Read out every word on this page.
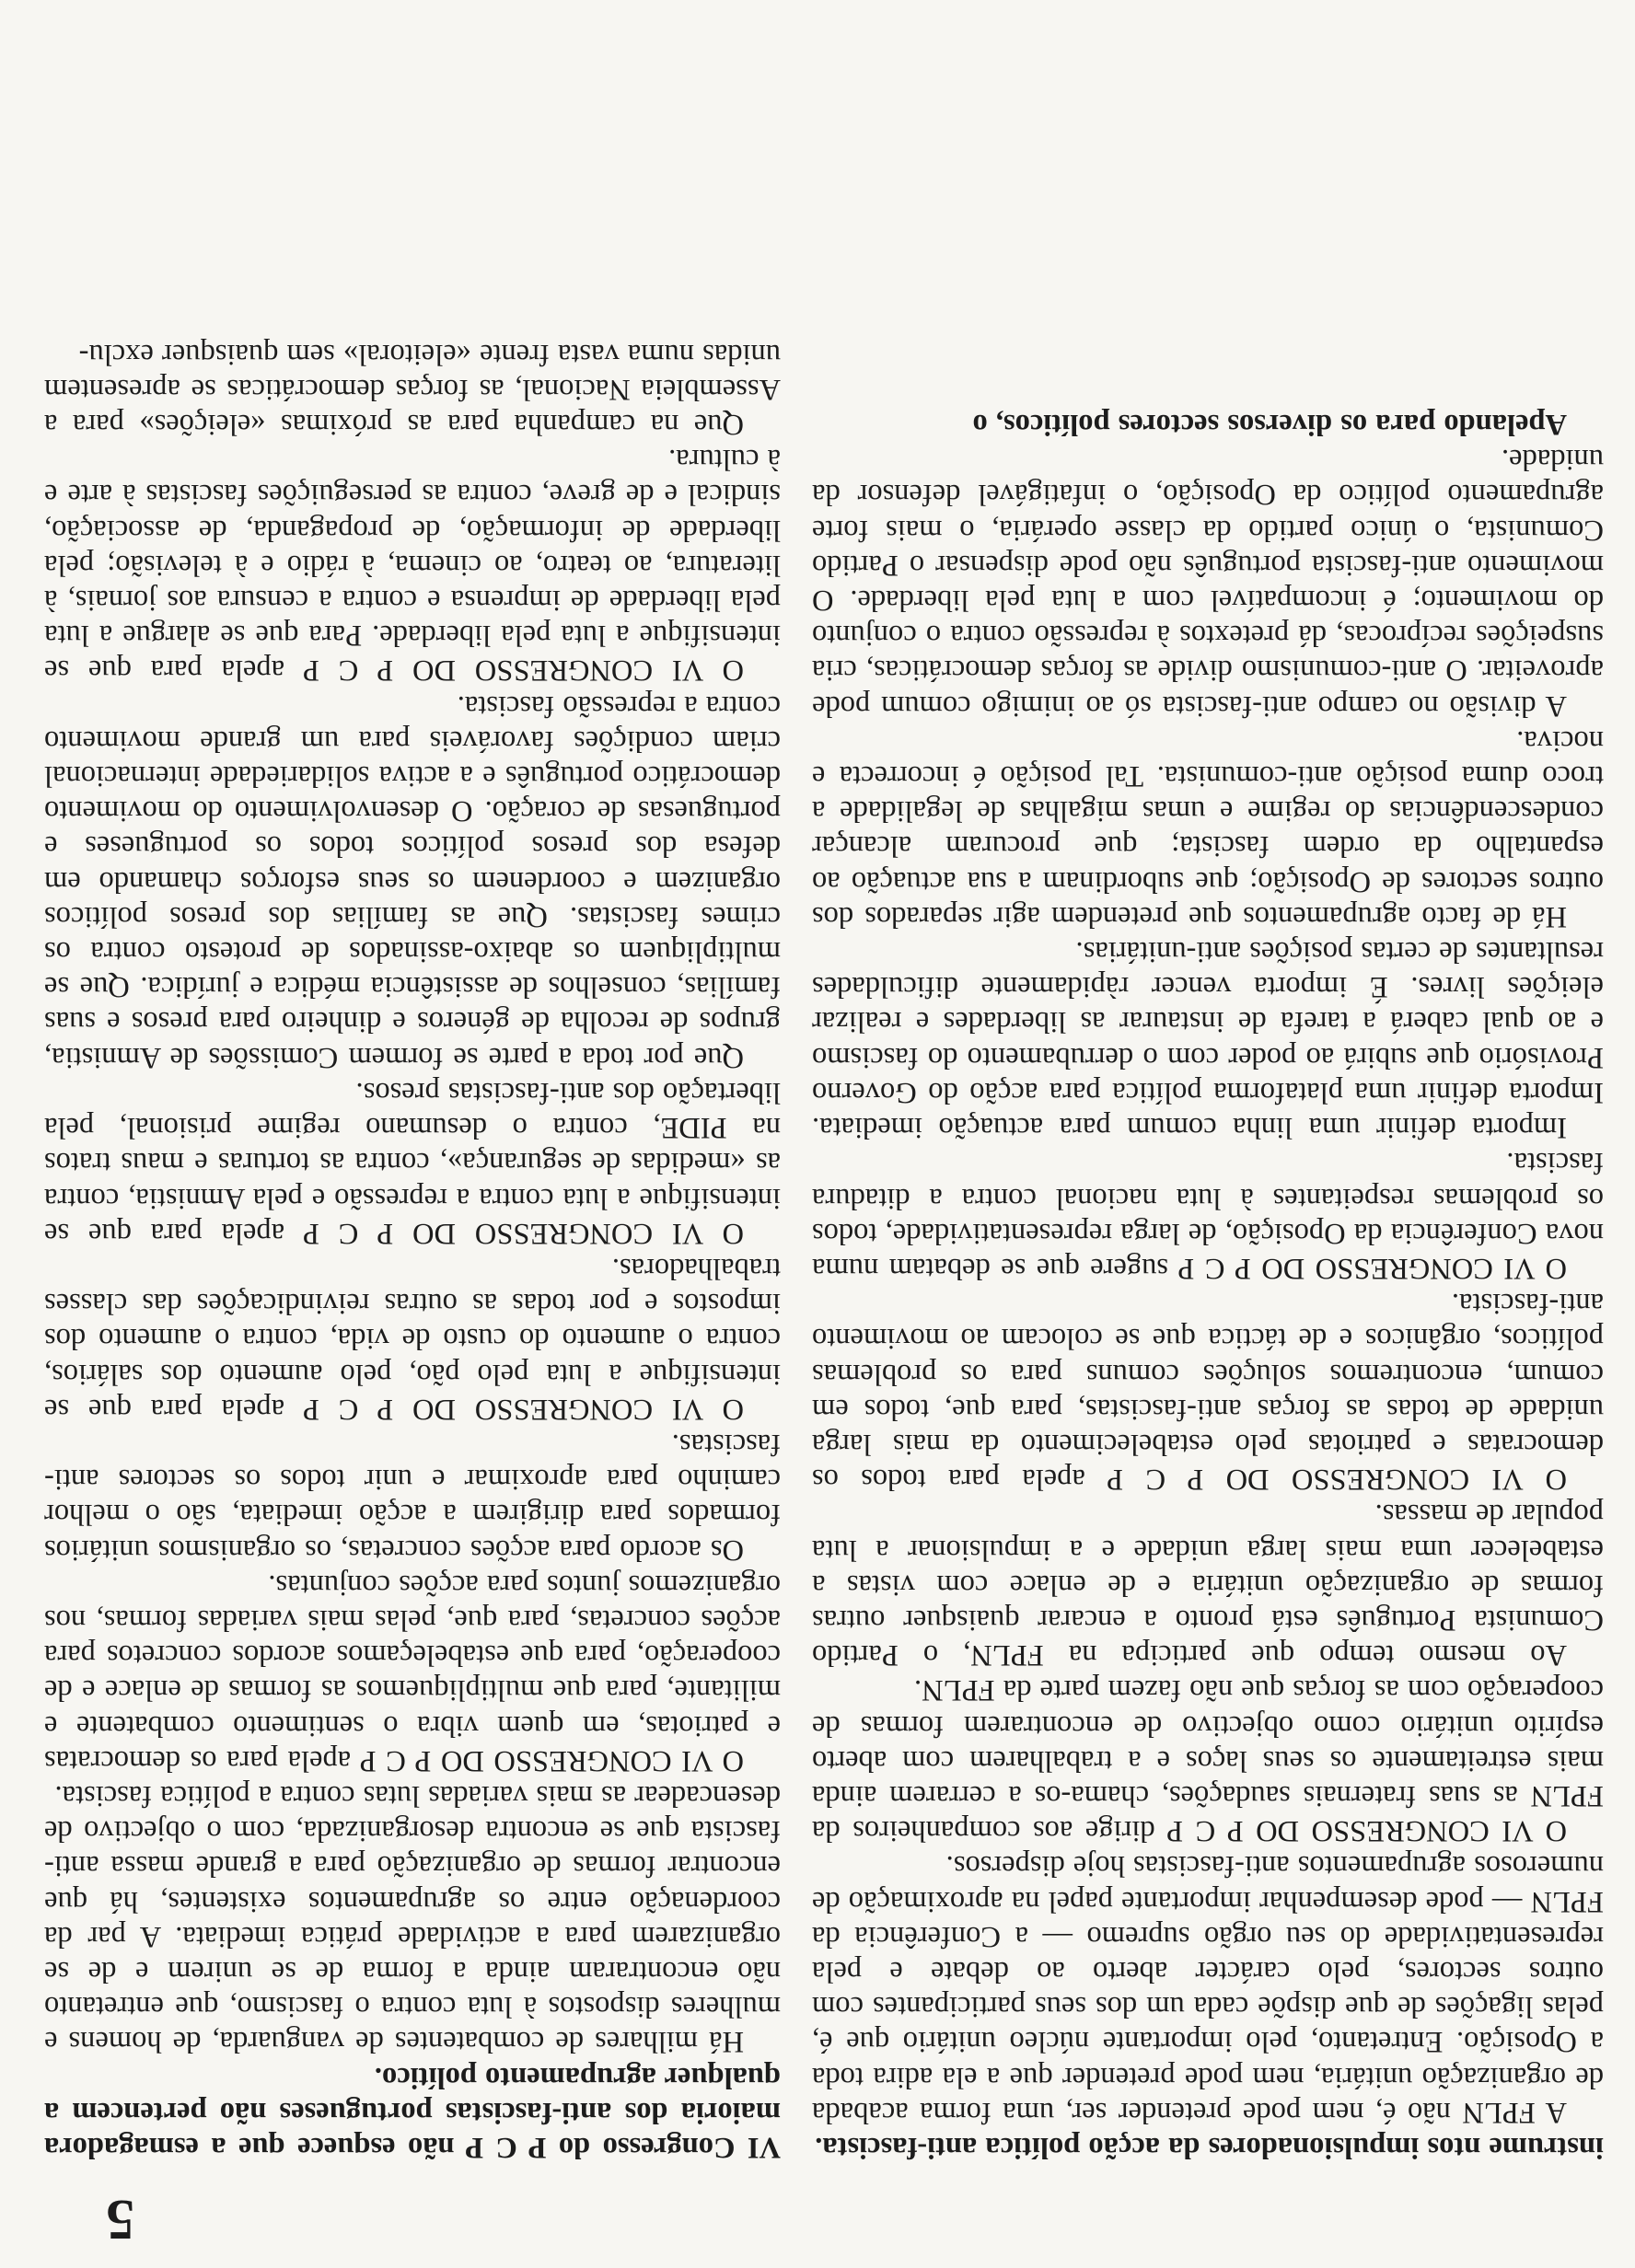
5

instrume ntos impulsionadores da acção política anti-fascista.

A FPLN não é, nem pode pretender ser, uma forma acabada de organização unitária, nem pode pretender que a ela adira toda a Oposição. Entretanto, pelo importante núcleo unitário que é, pelas ligações de que dispõe cada um dos seus participantes com outros sectores, pelo carácter aberto ao debate e pela representatividade do seu orgão supremo — a Conferência da FPLN — pode desempenhar importante papel na aproximação de numerosos agrupamentos anti-fascistas hoje dispersos.

O VI CONGRESSO DO P C P dirige aos companheiros da FPLN as suas fraternais saudações, chama-os a cerrarem ainda mais estreitamente os seus laços e a trabalharem com aberto espírito unitário como objectivo de encontrarem formas de cooperação com as forças que não fazem parte da FPLN.

Ao mesmo tempo que participa na FPLN, o Partido Comunista Português está pronto a encarar quaisquer outras formas de organização unitária e de enlace com vistas a estabelecer uma mais larga unidade e a impulsionar a luta popular de massas.

O VI CONGRESSO DO P C P apela para todos os democratas e patriotas pelo estabelecimento da mais larga unidade de todas as forças anti-fascistas, para que, todos em comum, encontremos soluções comuns para os problemas políticos, orgânicos e de táctica que se colocam ao movimento anti-fascista.

O VI CONGRESSO DO P C P sugere que se debatam numa nova Conferência da Oposição, de larga representatividade, todos os problemas respeitantes à luta nacional contra a ditadura fascista.

Importa definir uma linha comum para actuação imediata. Importa definir uma plataforma política para acção do Governo Provisório que subirá ao poder com o derrubamento do fascismo e ao qual caberá a tarefa de instaurar as liberdades e realizar eleições livres. É importa vencer ràpidamente dificuldades resultantes de certas posições anti-unitárias.

Há de facto agrupamentos que pretendem agir separados dos outros sectores de Oposição; que subordinam a sua actuação ao espantalho da ordem fascista; que procuram alcançar condescendências do regime e umas migalhas de legalidade a troco duma posição anti-comunista. Tal posição é incorrecta e nociva.

A divisão no campo anti-fascista só ao inimigo comum pode aproveitar. O anti-comunismo divide as forças democráticas, cria suspeições recíprocas, dá pretextos à repressão contra o conjunto do movimento; é incompatível com a luta pela liberdade. O movimento anti-fascista português não pode dispensar o Partido Comunista, o único partido da classe operária, o mais forte agrupamento político da Oposição, o infatigável defensor da unidade.

Apelando para os diversos sectores políticos, o

VI Congresso do P C P não esquece que a esmagadora maioria dos anti-fascistas portugueses não pertencem a qualquer agrupamento político.

Há milhares de combatentes de vanguarda, de homens e mulheres dispostos à luta contra o fascismo, que entretanto não encontraram ainda a forma de se unirem e de se organizarem para a actividade prática imediata. A par da coordenação entre os agrupamentos existentes, há que encontrar formas de organização para a grande massa anti-fascista que se encontra desorganizada, com o objectivo de desencadear as mais variadas lutas contra a política fascista.

O VI CONGRESSO DO P C P apela para os democratas e patriotas, em quem vibra o sentimento combatente e militante, para que multipliquemos as formas de enlace e de cooperação, para que estabeleçamos acordos concretos para acções concretas, para que, pelas mais variadas formas, nos organizemos juntos para acções conjuntas.

Os acordo para acções concretas, os organismos unitários formados para dirigirem a acção imediata, são o melhor caminho para aproximar e unir todos os sectores anti-fascistas.

O VI CONGRESSO DO P C P apela para que se intensifique a luta pelo pão, pelo aumento dos salários, contra o aumento do custo de vida, contra o aumento dos impostos e por todas as outras reivindicações das classes trabalhadoras.

O VI CONGRESSO DO P C P apela para que se intensifique a luta contra a repressão e pela Amnistia, contra as «medidas de segurança», contra as torturas e maus tratos na PIDE, contra o desumano regime prisional, pela libertação dos anti-fascistas presos.

Que por toda a parte se formem Comissões de Amnistia, grupos de recolha de géneros e dinheiro para presos e suas famílias, conselhos de assistência médica e jurídica. Que se multipliquem os abaixo-assinados de protesto contra os crimes fascistas. Que as famílias dos presos políticos organizem e coordenem os seus esforços chamando em defesa dos presos políticos todos os portugueses e portuguesas de coração. O desenvolvimento do movimento democrático português e a activa solidariedade internacional criam condições favoráveis para um grande movimento contra a repressão fascista.

O VI CONGRESSO DO P C P apela para que se intensifique a luta pela liberdade. Para que se alargue a luta pela liberdade de imprensa e contra a censura aos jornais, à literatura, ao teatro, ao cinema, à rádio e à televisão; pela liberdade de informação, de propaganda, de associação, sindical e de greve, contra as perseguições fascistas à arte e à cultura.

Que na campanha para as próximas «eleições» para a Assembleia Nacional, as forças democráticas se apresentem unidas numa vasta frente «eleitoral» sem quaisquer exclu-
